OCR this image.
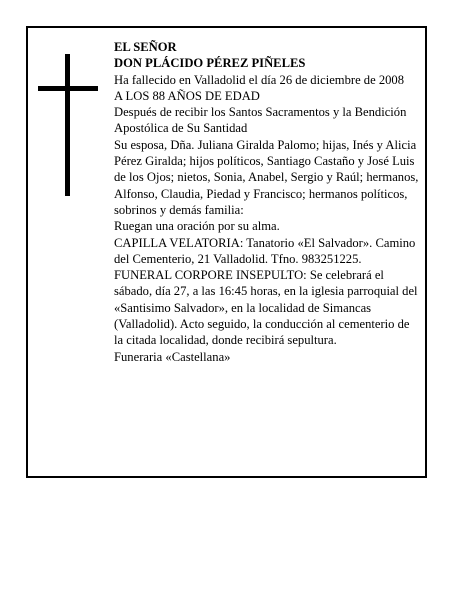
EL SEÑOR

DON PLÁCIDO PÉREZ PIÑELES

Ha fallecido en Valladolid el día 26 de diciembre de 2008

A LOS 88 AÑOS DE EDAD

Después de recibir los Santos Sacramentos y la Bendición Apostólica de Su Santidad

Su esposa, Dña. Juliana Giralda Palomo; hijas, Inés y Alicia Pérez Giralda; hijos políticos, Santiago Castaño y José Luis de los Ojos; nietos, Sonia, Anabel, Sergio y Raúl; hermanos, Alfonso, Claudia, Piedad y Francisco; hermanos políticos, sobrinos y demás familia:

Ruegan una oración por su alma.

CAPILLA VELATORIA: Tanatorio «El Salvador». Camino del Cementerio, 21 Valladolid. Tfno. 983251225.

FUNERAL CORPORE INSEPULTO: Se celebrará el sábado, día 27, a las 16:45 horas, en la iglesia parroquial del «Santisimo Salvador», en la localidad de Simancas (Valladolid). Acto seguido, la conducción al cementerio de la citada localidad, donde recibirá sepultura.

Funeraria «Castellana»
